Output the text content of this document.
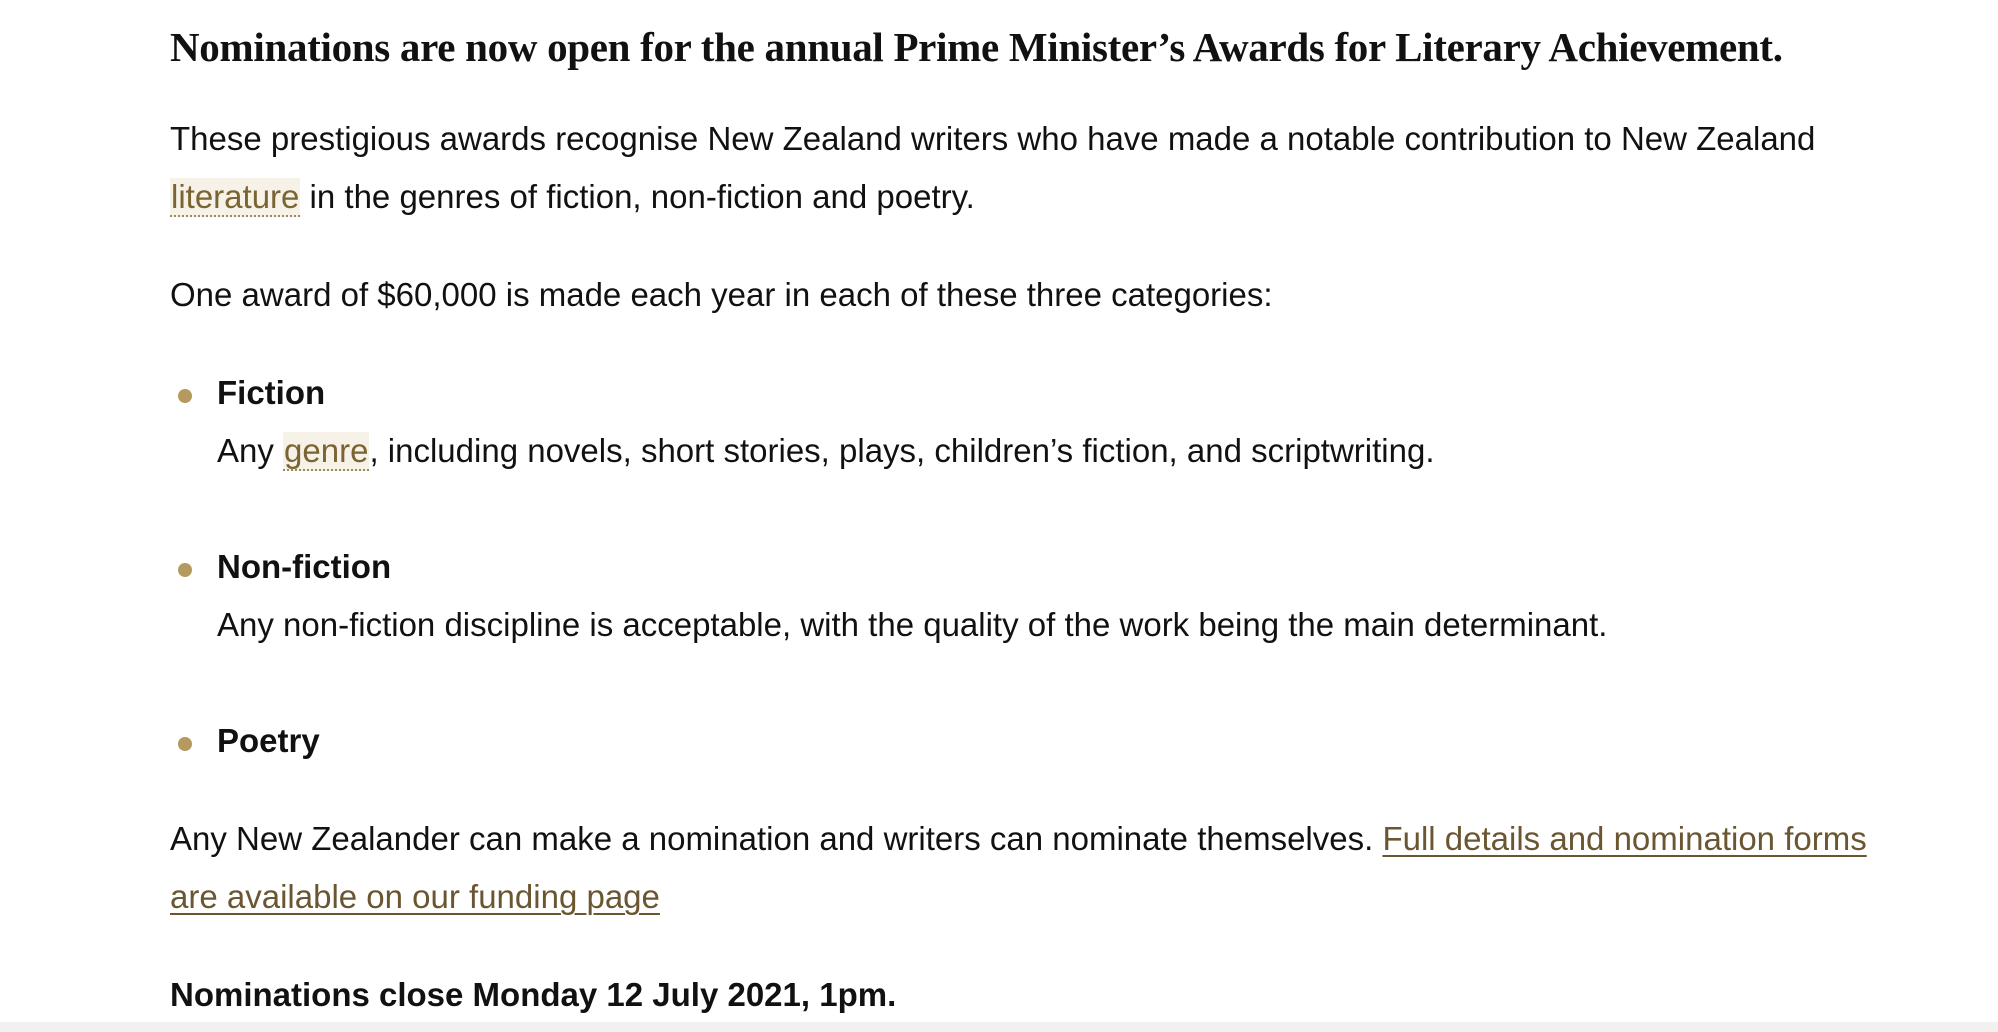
Nominations are now open for the annual Prime Minister’s Awards for Literary Achievement.

These prestigious awards recognise New Zealand writers who have made a notable contribution to New Zealand literature in the genres of fiction, non-fiction and poetry.

One award of $60,000 is made each year in each of these three categories:

Fiction
Any genre, including novels, short stories, plays, children’s fiction, and scriptwriting.
Non-fiction
Any non-fiction discipline is acceptable, with the quality of the work being the main determinant.
Poetry

Any New Zealander can make a nomination and writers can nominate themselves. Full details and nomination forms are available on our funding page

Nominations close Monday 12 July 2021, 1pm.
